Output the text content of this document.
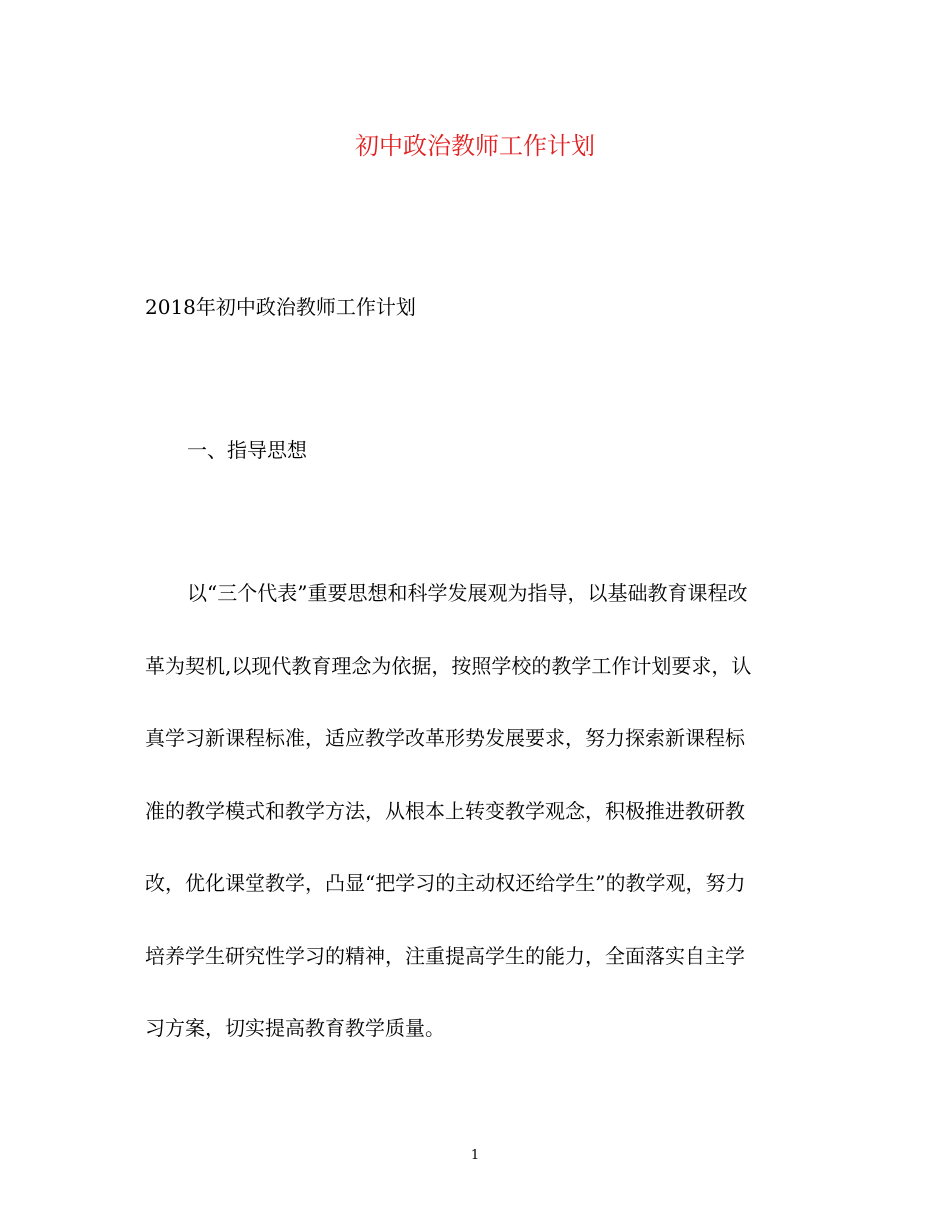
初中政治教师工作计划
2018年初中政治教师工作计划
一、指导思想
以“三个代表”重要思想和科学发展观为指导，以基础教育课程改
革为契机,以现代教育理念为依据，按照学校的教学工作计划要求，认
真学习新课程标准，适应教学改革形势发展要求，努力探索新课程标
准的教学模式和教学方法，从根本上转变教学观念，积极推进教研教
改，优化课堂教学，凸显“把学习的主动权还给学生”的教学观，努力
培养学生研究性学习的精神，注重提高学生的能力，全面落实自主学
习方案，切实提高教育教学质量。
1
